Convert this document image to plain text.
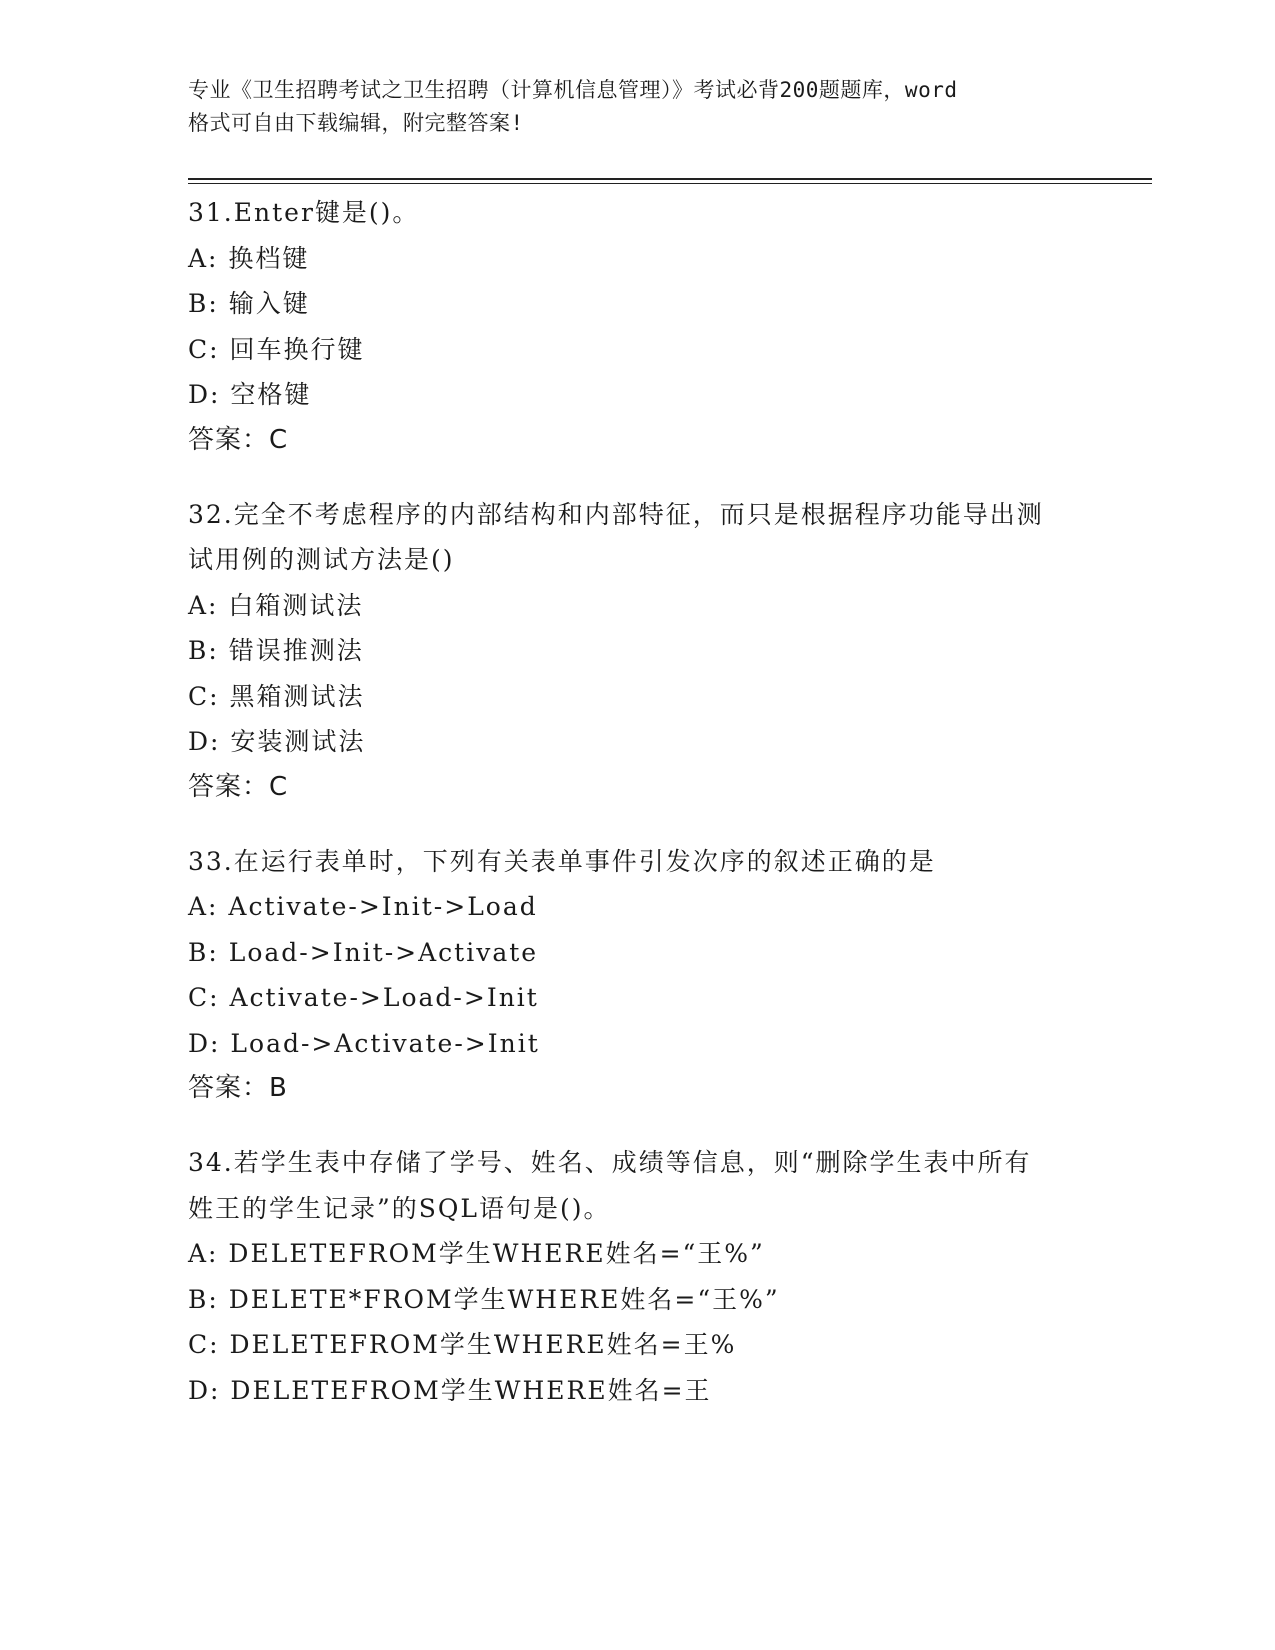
专业《卫生招聘考试之卫生招聘（计算机信息管理）》考试必背200题题库，word
格式可自由下载编辑，附完整答案!
31.Enter键是()。
A: 换档键
B: 输入键
C: 回车换行键
D: 空格键
答案：C
32.完全不考虑程序的内部结构和内部特征，而只是根据程序功能导出测试用例的测试方法是()
A: 白箱测试法
B: 错误推测法
C: 黑箱测试法
D: 安装测试法
答案：C
33.在运行表单时，下列有关表单事件引发次序的叙述正确的是
A: Activate->Init->Load
B: Load->Init->Activate
C: Activate->Load->Init
D: Load->Activate->Init
答案：B
34.若学生表中存储了学号、姓名、成绩等信息，则“删除学生表中所有姓王的学生记录”的SQL语句是()。
A: DELETEFROM学生WHERE姓名=“王%”
B: DELETE*FROM学生WHERE姓名=“王%”
C: DELETEFROM学生WHERE姓名=王%
D: DELETEFROM学生WHERE姓名=王
